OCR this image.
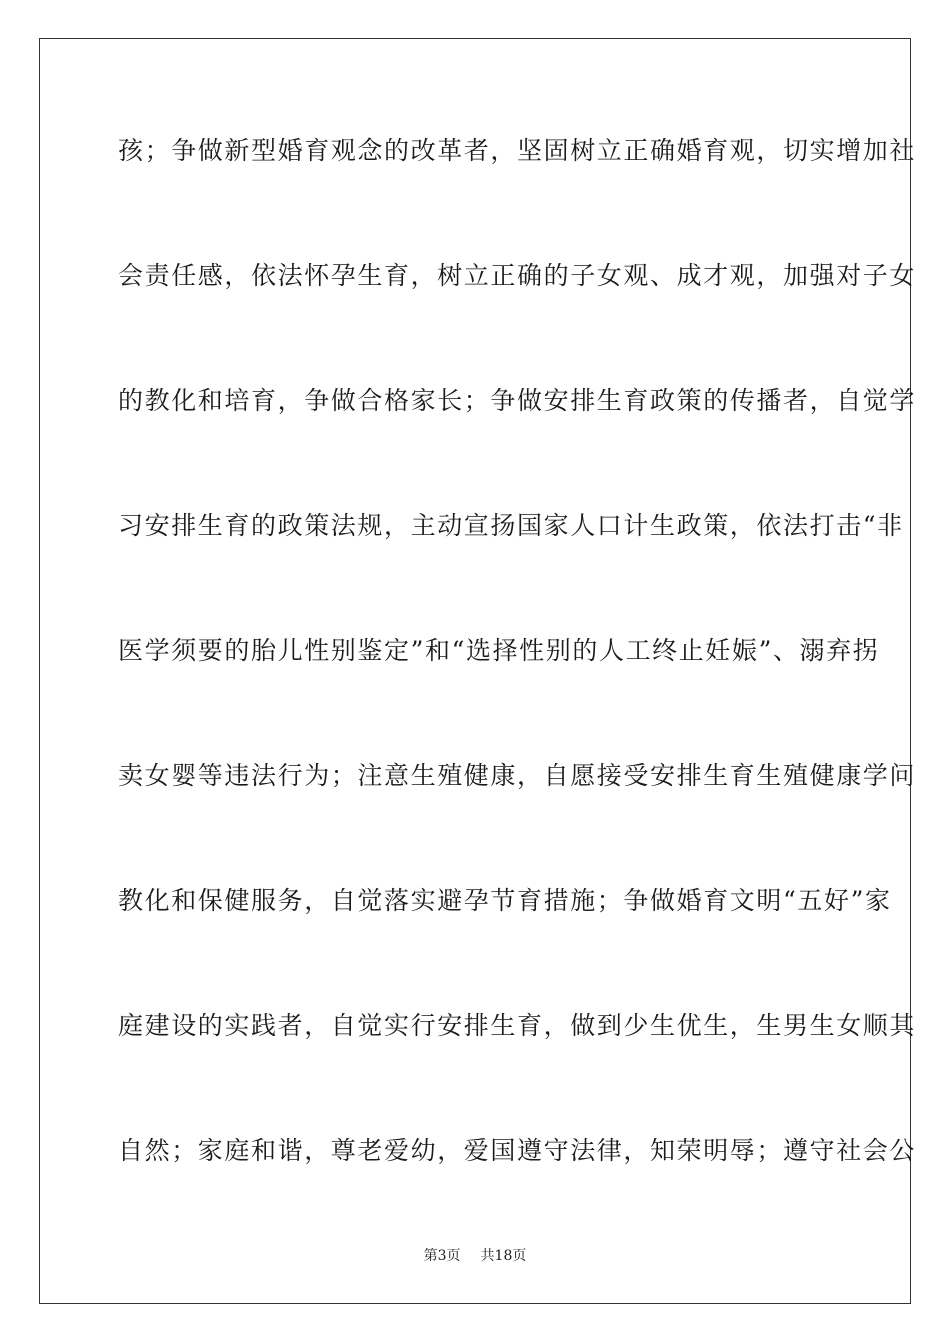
孩；争做新型婚育观念的改革者，坚固树立正确婚育观，切实增加社
会责任感，依法怀孕生育，树立正确的子女观、成才观，加强对子女
的教化和培育，争做合格家长；争做安排生育政策的传播者，自觉学
习安排生育的政策法规，主动宣扬国家人口计生政策，依法打击“非
医学须要的胎儿性别鉴定”和“选择性别的人工终止妊娠”、溺弃拐
卖女婴等违法行为；注意生殖健康，自愿接受安排生育生殖健康学问
教化和保健服务，自觉落实避孕节育措施；争做婚育文明“五好”家
庭建设的实践者，自觉实行安排生育，做到少生优生，生男生女顺其
自然；家庭和谐，尊老爱幼，爱国遵守法律，知荣明辱；遵守社会公
第3页 共18页
